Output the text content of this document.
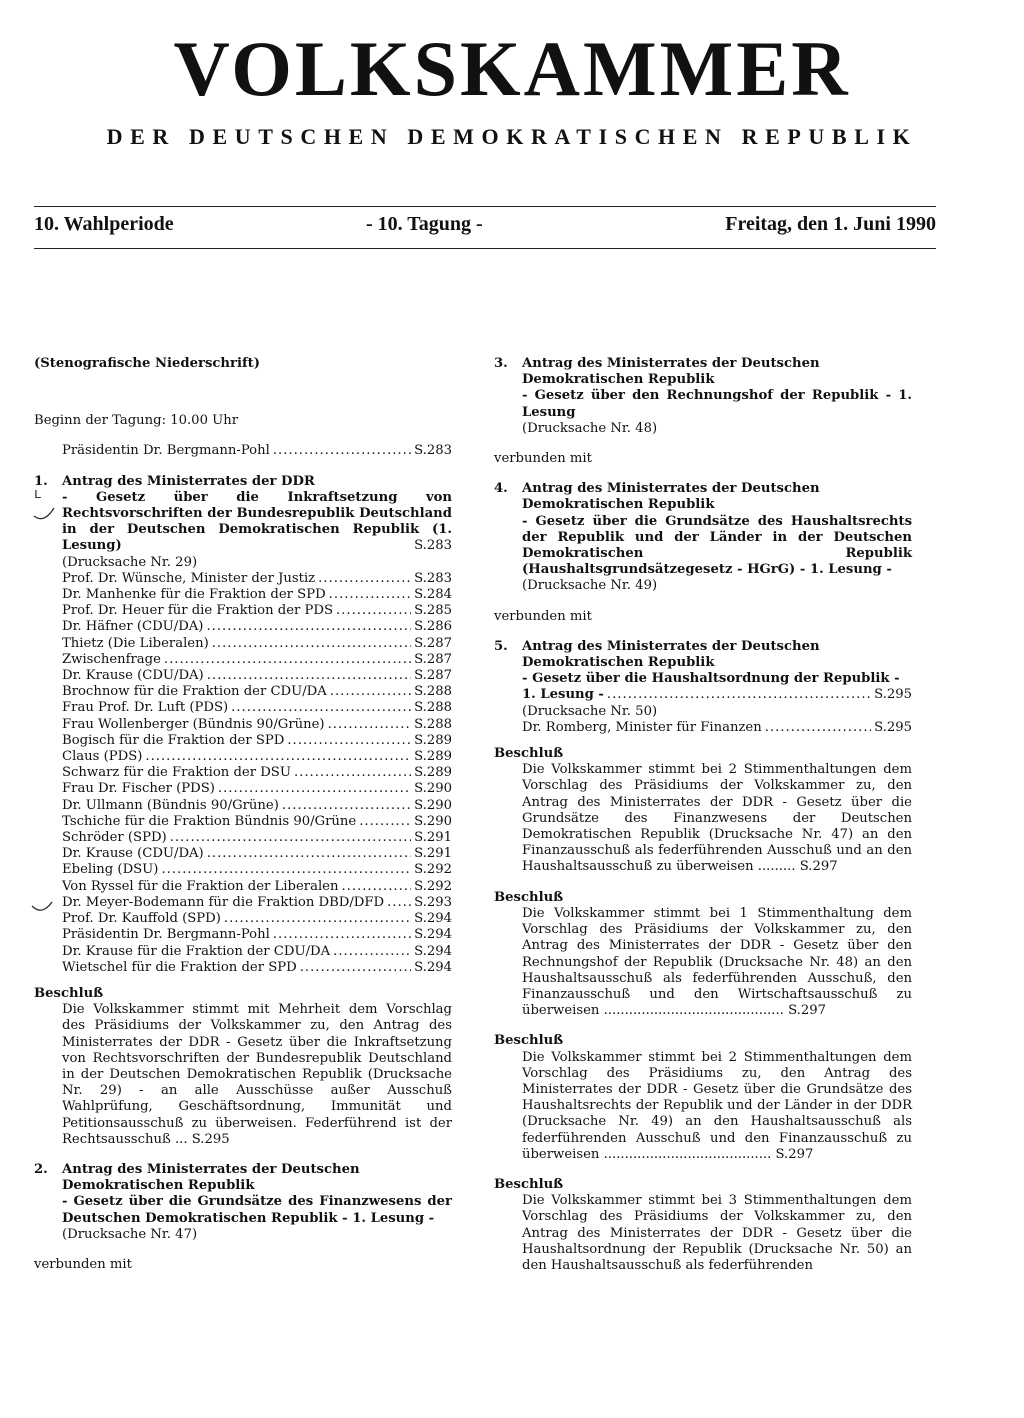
VOLKSKAMMER
DER DEUTSCHEN DEMOKRATISCHEN REPUBLIK
10. Wahlperiode	- 10. Tagung -	Freitag, den 1. Juni 1990
ʟ
(Stenografische Niederschrift)
Beginn der Tagung: 10.00 Uhr
Präsidentin Dr. Bergmann-Pohl .....	S.283
1.	Antrag des Ministerrates der DDR
- Gesetz über die Inkraftsetzung von Rechtsvorschriften der Bundesrepublik Deutschland in der Deutschen Demokratischen Republik (1. Lesung)	S.283
(Drucksache Nr. 29)
Prof. Dr. Wünsche, Minister der Justiz .....	S.283
Dr. Manhenke für die Fraktion der SPD .....	S.284
Prof. Dr. Heuer für die Fraktion der PDS .....	S.285
Dr. Häfner (CDU/DA) .....	S.286
Thietz (Die Liberalen) .....	S.287
Zwischenfrage .....	S.287
Dr. Krause (CDU/DA) .....	S.287
Brochnow für die Fraktion der CDU/DA .....	S.288
Frau Prof. Dr. Luft (PDS) .....	S.288
Frau Wollenberger (Bündnis 90/Grüne) .....	S.288
Bogisch für die Fraktion der SPD .....	S.289
Claus (PDS) .....	S.289
Schwarz für die Fraktion der DSU .....	S.289
Frau Dr. Fischer (PDS) .....	S.290
Dr. Ullmann (Bündnis 90/Grüne) .....	S.290
Tschiche für die Fraktion Bündnis 90/Grüne .....	S.290
Schröder (SPD) .....	S.291
Dr. Krause (CDU/DA) .....	S.291
Ebeling (DSU) .....	S.292
Von Ryssel für die Fraktion der Liberalen .....	S.292
Dr. Meyer-Bodemann für die Fraktion DBD/DFD ..... S.293
Prof. Dr. Kauffold (SPD) .....	S.294
Präsidentin Dr. Bergmann-Pohl .....	S.294
Dr. Krause für die Fraktion der CDU/DA .....	S.294
Wietschel für die Fraktion der SPD .....	S.294
Beschluß
Die Volkskammer stimmt mit Mehrheit dem Vorschlag des Präsidiums der Volkskammer zu, den Antrag des Ministerrates der DDR - Gesetz über die Inkraftsetzung von Rechtsvorschriften der Bundesrepublik Deutschland in der Deutschen Demokratischen Republik (Drucksache Nr. 29) - an alle Ausschüsse außer Ausschuß Wahlprüfung, Geschäftsordnung, Immunität und Petitionsausschuß zu überweisen. Federführend ist der Rechtsausschuß ... S.295
2.	Antrag des Ministerrates der Deutschen Demokratischen Republik
- Gesetz über die Grundsätze des Finanzwesens der Deutschen Demokratischen Republik - 1. Lesung -
(Drucksache Nr. 47)
verbunden mit
3.	Antrag des Ministerrates der Deutschen Demokratischen Republik
- Gesetz über den Rechnungshof der Republik - 1. Lesung
(Drucksache Nr. 48)
verbunden mit
4.	Antrag des Ministerrates der Deutschen Demokratischen Republik
- Gesetz über die Grundsätze des Haushaltsrechts der Republik und der Länder in der Deutschen Demokratischen Republik (Haushaltsgrundsätzegesetz - HGrG) - 1. Lesung -
(Drucksache Nr. 49)
verbunden mit
5.	Antrag des Ministerrates der Deutschen Demokratischen Republik
- Gesetz über die Haushaltsordnung der Republik -
1. Lesung - .....	S.295
(Drucksache Nr. 50)
Dr. Romberg, Minister für Finanzen .....	S.295
Beschluß
Die Volkskammer stimmt bei 2 Stimmenthaltungen dem Vorschlag des Präsidiums der Volkskammer zu, den Antrag des Ministerrates der DDR - Gesetz über die Grundsätze des Finanzwesens der Deutschen Demokratischen Republik (Drucksache Nr. 47) an den Finanzausschuß als federführenden Ausschuß und an den Haushaltsausschuß zu überweisen ......... S.297
Beschluß
Die Volkskammer stimmt bei 1 Stimmenthaltung dem Vorschlag des Präsidiums der Volkskammer zu, den Antrag des Ministerrates der DDR - Gesetz über den Rechnungshof der Republik (Drucksache Nr. 48) an den Haushaltsausschuß als federführenden Ausschuß, den Finanzausschuß und den Wirtschaftsausschuß zu überweisen ........................................... S.297
Beschluß
Die Volkskammer stimmt bei 2 Stimmenthaltungen dem Vorschlag des Präsidiums zu, den Antrag des Ministerrates der DDR - Gesetz über die Grundsätze des Haushaltsrechts der Republik und der Länder in der DDR (Drucksache Nr. 49) an den Haushaltsausschuß als federführenden Ausschuß und den Finanzausschuß zu überweisen ........................................ S.297
Beschluß
Die Volkskammer stimmt bei 3 Stimmenthaltungen dem Vorschlag des Präsidiums der Volkskammer zu, den Antrag des Ministerrates der DDR - Gesetz über die Haushaltsordnung der Republik (Drucksache Nr. 50) an den Haushaltsausschuß als federführenden
